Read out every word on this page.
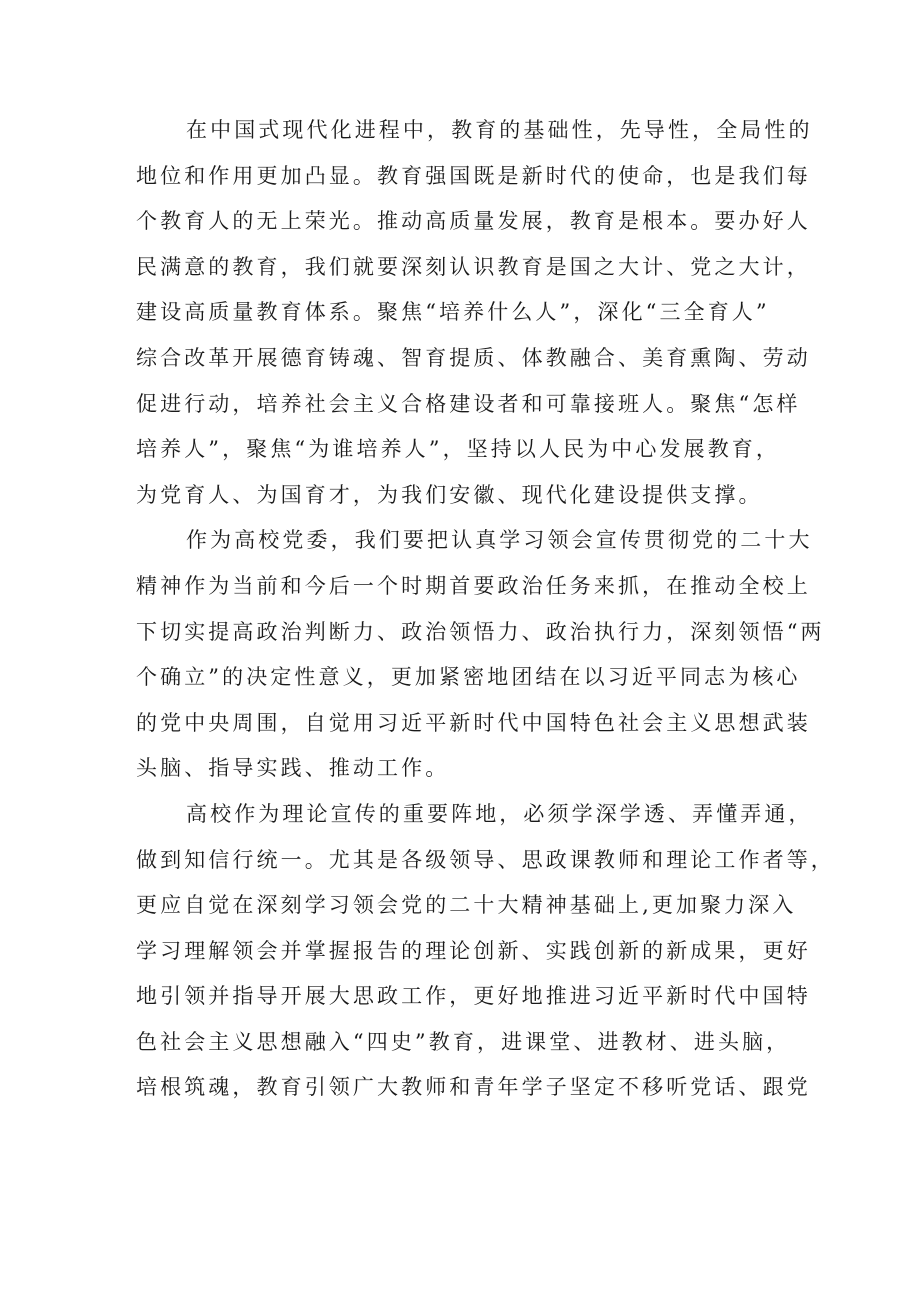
在中国式现代化进程中，教育的基础性，先导性，全局性的
地位和作用更加凸显。教育强国既是新时代的使命，也是我们每
个教育人的无上荣光。推动高质量发展，教育是根本。要办好人
民满意的教育，我们就要深刻认识教育是国之大计、党之大计，
建设高质量教育体系。聚焦“培养什么人”，深化“三全育人”
综合改革开展德育铸魂、智育提质、体教融合、美育熏陶、劳动
促进行动，培养社会主义合格建设者和可靠接班人。聚焦“怎样
培养人”，聚焦“为谁培养人”，坚持以人民为中心发展教育，
为党育人、为国育才，为我们安徽、现代化建设提供支撑。
作为高校党委，我们要把认真学习领会宣传贯彻党的二十大
精神作为当前和今后一个时期首要政治任务来抓，在推动全校上
下切实提高政治判断力、政治领悟力、政治执行力，深刻领悟“两
个确立”的决定性意义，更加紧密地团结在以习近平同志为核心
的党中央周围，自觉用习近平新时代中国特色社会主义思想武装
头脑、指导实践、推动工作。
高校作为理论宣传的重要阵地，必须学深学透、弄懂弄通，
做到知信行统一。尤其是各级领导、思政课教师和理论工作者等，
更应自觉在深刻学习领会党的二十大精神基础上,更加聚力深入
学习理解领会并掌握报告的理论创新、实践创新的新成果，更好
地引领并指导开展大思政工作，更好地推进习近平新时代中国特
色社会主义思想融入“四史”教育，进课堂、进教材、进头脑，
培根筑魂，教育引领广大教师和青年学子坚定不移听党话、跟党
